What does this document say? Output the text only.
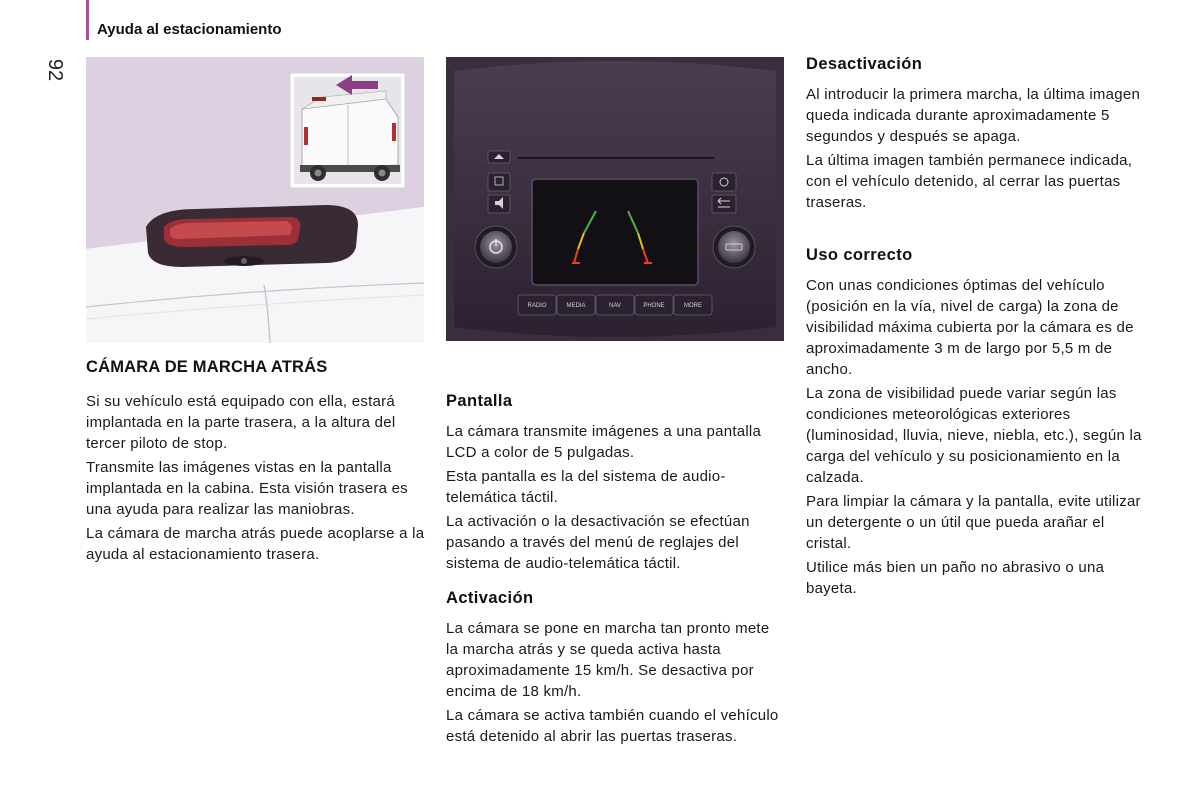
Ayuda al estacionamiento
92
RADIO	MEDIA	NAV	PHONE	MORE
CÁMARA DE MARCHA ATRÁS

Si su vehículo está equipado con ella, estará implantada en la parte trasera, a la altura del tercer piloto de stop.

Transmite las imágenes vistas en la pantalla implantada en la cabina. Esta visión trasera es una ayuda para realizar las maniobras.

La cámara de marcha atrás puede acoplarse a la ayuda al estacionamiento trasera.

Pantalla

La cámara transmite imágenes a una pantalla LCD a color de 5 pulgadas.

Esta pantalla es la del sistema de audio-telemática táctil.

La activación o la desactivación se efectúan pasando a través del menú de reglajes del sistema de audio-telemática táctil.

Activación

La cámara se pone en marcha tan pronto mete la marcha atrás y se queda activa hasta aproximadamente 15 km/h. Se desactiva por encima de 18 km/h.

La cámara se activa también cuando el vehículo está detenido al abrir las puertas traseras.

Desactivación

Al introducir la primera marcha, la última imagen queda indicada durante aproximadamente 5 segundos y después se apaga.

La última imagen también permanece indicada, con el vehículo detenido, al cerrar las puertas traseras.

Uso correcto

Con unas condiciones óptimas del vehículo (posición en la vía, nivel de carga) la zona de visibilidad máxima cubierta por la cámara es de aproximadamente 3 m de largo por 5,5 m de ancho.

La zona de visibilidad puede variar según las condiciones meteorológicas exteriores (luminosidad, lluvia, nieve, niebla, etc.), según la carga del vehículo y su posicionamiento en la calzada.

Para limpiar la cámara y la pantalla, evite utilizar un detergente o un útil que pueda arañar el cristal.

Utilice más bien un paño no abrasivo o una bayeta.
